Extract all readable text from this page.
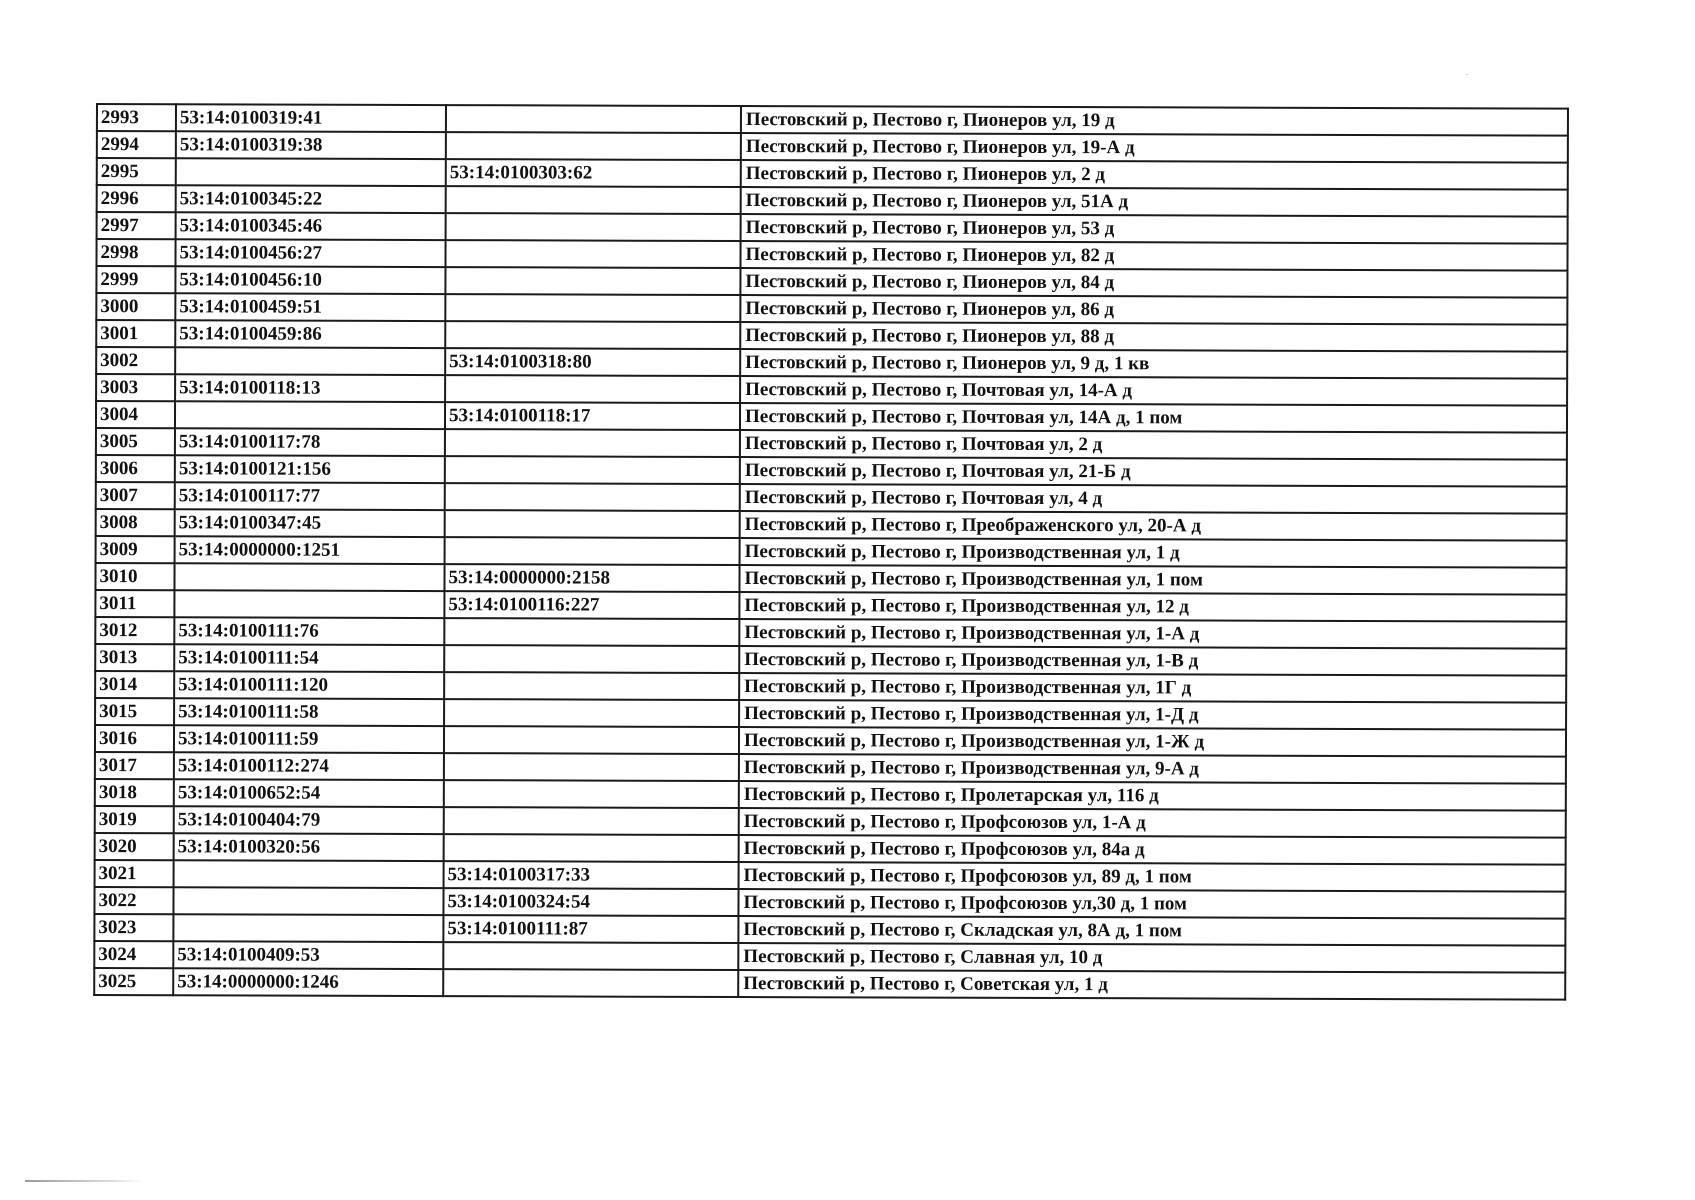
2993	53:14:0100319:41		Пестовский р, Пестово г, Пионеров ул, 19 д
2994	53:14:0100319:38		Пестовский р, Пестово г, Пионеров ул, 19-А д
2995		53:14:0100303:62	Пестовский р, Пестово г, Пионеров ул, 2 д
2996	53:14:0100345:22		Пестовский р, Пестово г, Пионеров ул, 51А д
2997	53:14:0100345:46		Пестовский р, Пестово г, Пионеров ул, 53 д
2998	53:14:0100456:27		Пестовский р, Пестово г, Пионеров ул, 82 д
2999	53:14:0100456:10		Пестовский р, Пестово г, Пионеров ул, 84 д
3000	53:14:0100459:51		Пестовский р, Пестово г, Пионеров ул, 86 д
3001	53:14:0100459:86		Пестовский р, Пестово г, Пионеров ул, 88 д
3002		53:14:0100318:80	Пестовский р, Пестово г, Пионеров ул, 9 д, 1 кв
3003	53:14:0100118:13		Пестовский р, Пестово г, Почтовая ул, 14-А д
3004		53:14:0100118:17	Пестовский р, Пестово г, Почтовая ул, 14А д, 1 пом
3005	53:14:0100117:78		Пестовский р, Пестово г, Почтовая ул, 2 д
3006	53:14:0100121:156		Пестовский р, Пестово г, Почтовая ул, 21-Б д
3007	53:14:0100117:77		Пестовский р, Пестово г, Почтовая ул, 4 д
3008	53:14:0100347:45		Пестовский р, Пестово г, Преображенского ул, 20-А д
3009	53:14:0000000:1251		Пестовский р, Пестово г, Производственная ул, 1 д
3010		53:14:0000000:2158	Пестовский р, Пестово г, Производственная ул, 1 пом
3011		53:14:0100116:227	Пестовский р, Пестово г, Производственная ул, 12 д
3012	53:14:0100111:76		Пестовский р, Пестово г, Производственная ул, 1-А д
3013	53:14:0100111:54		Пестовский р, Пестово г, Производственная ул, 1-В д
3014	53:14:0100111:120		Пестовский р, Пестово г, Производственная ул, 1Г д
3015	53:14:0100111:58		Пестовский р, Пестово г, Производственная ул, 1-Д д
3016	53:14:0100111:59		Пестовский р, Пестово г, Производственная ул, 1-Ж д
3017	53:14:0100112:274		Пестовский р, Пестово г, Производственная ул, 9-А д
3018	53:14:0100652:54		Пестовский р, Пестово г, Пролетарская ул, 116 д
3019	53:14:0100404:79		Пестовский р, Пестово г, Профсоюзов ул, 1-А д
3020	53:14:0100320:56		Пестовский р, Пестово г, Профсоюзов ул, 84а д
3021		53:14:0100317:33	Пестовский р, Пестово г, Профсоюзов ул, 89 д, 1 пом
3022		53:14:0100324:54	Пестовский р, Пестово г, Профсоюзов ул,30 д, 1 пом
3023		53:14:0100111:87	Пестовский р, Пестово г, Складская ул, 8А д, 1 пом
3024	53:14:0100409:53		Пестовский р, Пестово г, Славная ул, 10 д
3025	53:14:0000000:1246		Пестовский р, Пестово г, Советская ул, 1 д
